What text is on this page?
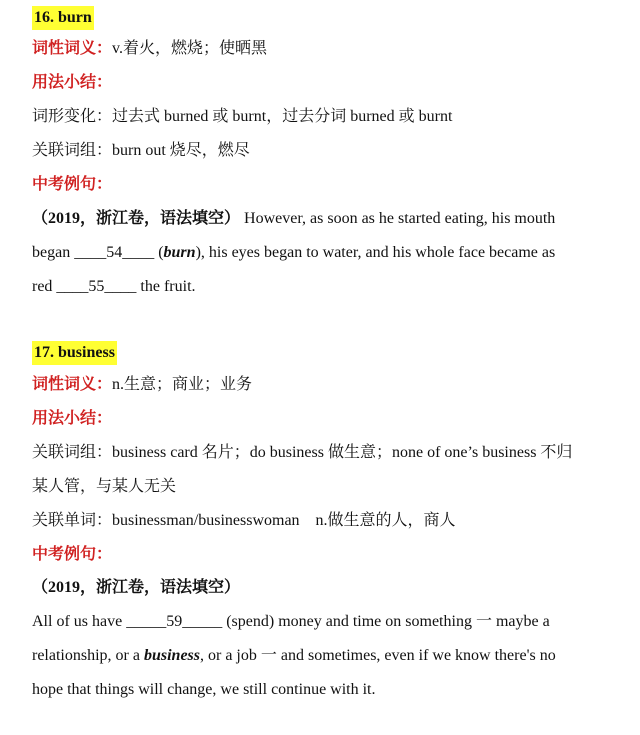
16. burn
词性词义：v.着火，燃烧；使晒黑
用法小结：
词形变化：过去式 burned 或 burnt，过去分词 burned 或 burnt
关联词组：burn out 烧尽，燃尽
中考例句：
（2019，浙江卷，语法填空） However, as soon as he started eating, his mouth
began ____54____ (burn), his eyes began to water, and his whole face became as
red ____55____ the fruit.
17. business
词性词义：n.生意；商业；业务
用法小结：
关联词组：business card 名片；do business 做生意；none of one’s business 不归
某人管，与某人无关
关联单词：businessman/businesswoman　n.做生意的人，商人
中考例句：
（2019，浙江卷，语法填空）
All of us have _____59_____ (spend) money and time on something 一 maybe a
relationship, or a business, or a job 一 and sometimes, even if we know there's no
hope that things will change, we still continue with it.
